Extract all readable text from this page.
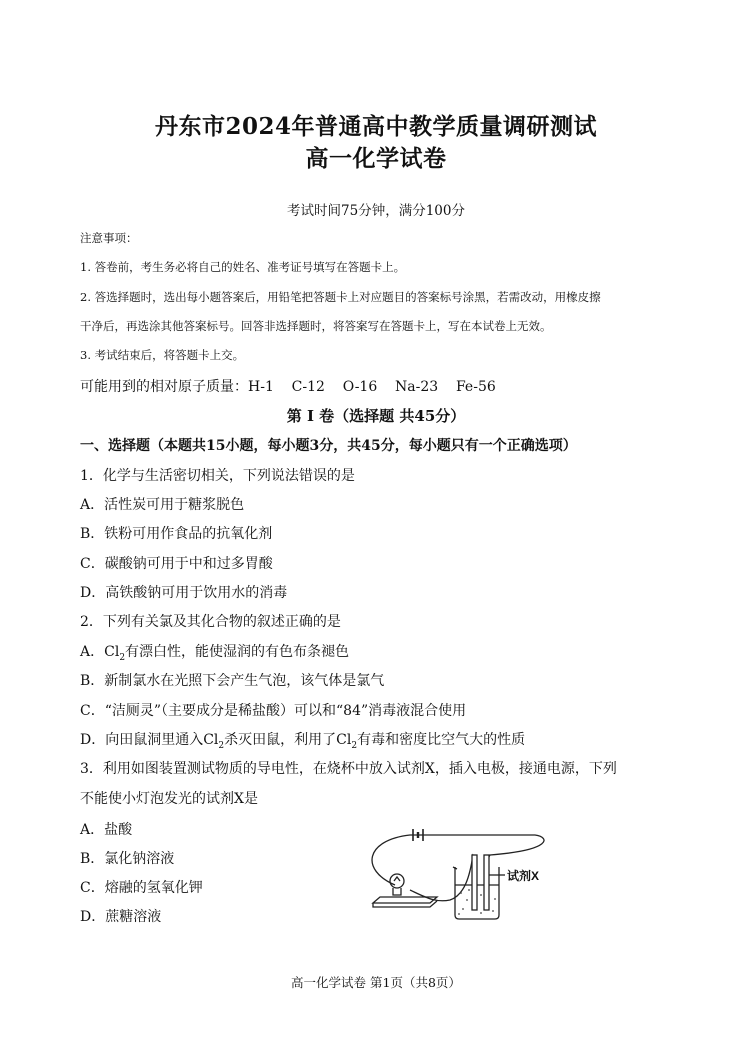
丹东市2024年普通高中教学质量调研测试
高一化学试卷
考试时间75分钟，满分100分
注意事项：
1. 答卷前，考生务必将自己的姓名、准考证号填写在答题卡上。
2. 答选择题时，选出每小题答案后，用铅笔把答题卡上对应题目的答案标号涂黑，若需改动，用橡皮擦
干净后，再选涂其他答案标号。回答非选择题时，将答案写在答题卡上，写在本试卷上无效。
3. 考试结束后，将答题卡上交。
可能用到的相对原子质量：H-1    C-12    O-16    Na-23    Fe-56
第 Ⅰ 卷（选择题 共45分）
一、选择题（本题共15小题，每小题3分，共45分，每小题只有一个正确选项）
1．化学与生活密切相关，下列说法错误的是
A．活性炭可用于糖浆脱色
B．铁粉可用作食品的抗氧化剂
C．碳酸钠可用于中和过多胃酸
D．高铁酸钠可用于饮用水的消毒
2．下列有关氯及其化合物的叙述正确的是
A．$Cl_2$有漂白性，能使湿润的有色布条褪色
B．新制氯水在光照下会产生气泡，该气体是氯气
C．“洁厕灵”（主要成分是稀盐酸）可以和“84”消毒液混合使用
D．向田鼠洞里通入$Cl_2$杀灭田鼠，利用了$Cl_2$有毒和密度比空气大的性质
3．利用如图装置测试物质的导电性，在烧杯中放入试剂X，插入电极，接通电源，下列
不能使小灯泡发光的试剂X是
A．盐酸
B．氯化钠溶液
C．熔融的氢氧化钾
D．蔗糖溶液
试剂X
高一化学试卷 第1页（共8页）
